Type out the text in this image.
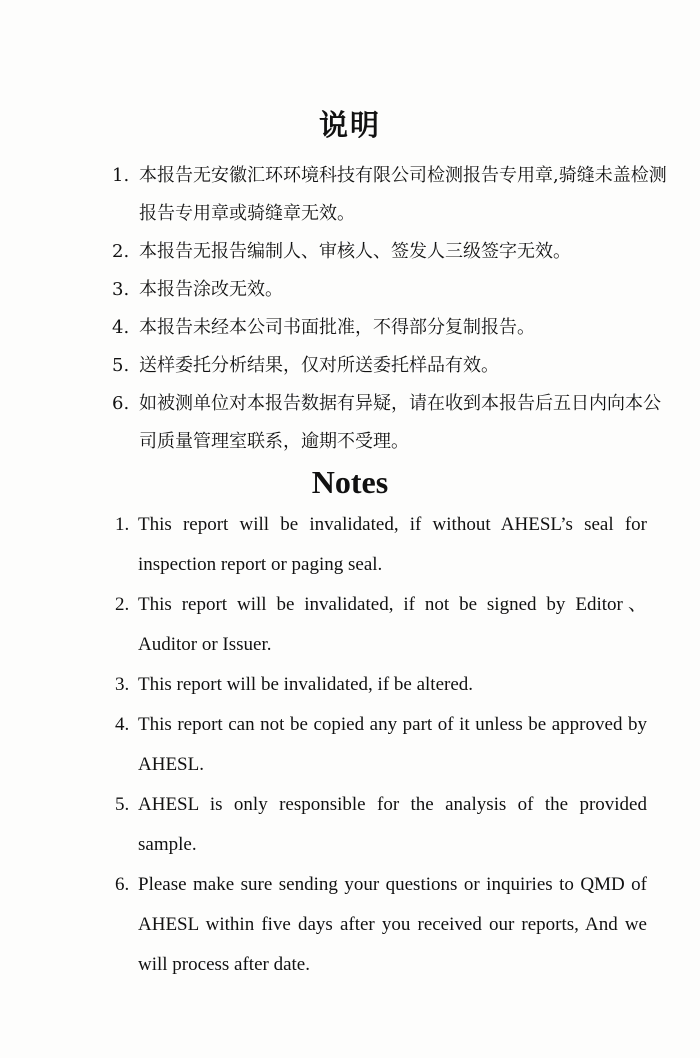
说明
1. 本报告无安徽汇环环境科技有限公司检测报告专用章,骑缝未盖检测报告专用章或骑缝章无效。
2. 本报告无报告编制人、审核人、签发人三级签字无效。
3. 本报告涂改无效。
4. 本报告未经本公司书面批准，不得部分复制报告。
5. 送样委托分析结果，仅对所送委托样品有效。
6. 如被测单位对本报告数据有异疑，请在收到本报告后五日内向本公司质量管理室联系，逾期不受理。
Notes
1. This report will be invalidated, if without AHESL’s seal for inspection report or paging seal.
2. This report will be invalidated, if not be signed by Editor、Auditor or Issuer.
3. This report will be invalidated, if be altered.
4. This report can not be copied any part of it unless be approved by AHESL.
5. AHESL is only responsible for the analysis of the provided sample.
6. Please make sure sending your questions or inquiries to QMD of AHESL within five days after you received our reports, And we will process after date.
